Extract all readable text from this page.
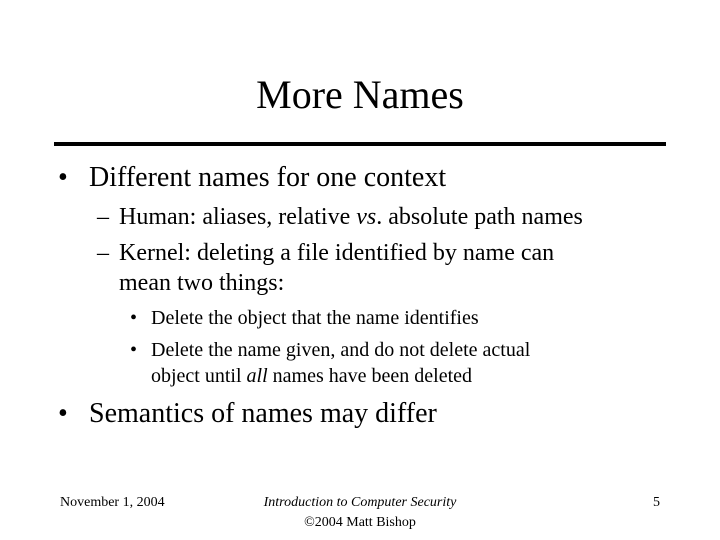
More Names
• Different names for one context
– Human: aliases, relative vs. absolute path names
– Kernel: deleting a file identified by name can
mean two things:
• Delete the object that the name identifies
• Delete the name given, and do not delete actual
object until all names have been deleted
• Semantics of names may differ
November 1, 2004	Introduction to Computer Security
©2004 Matt Bishop
5
